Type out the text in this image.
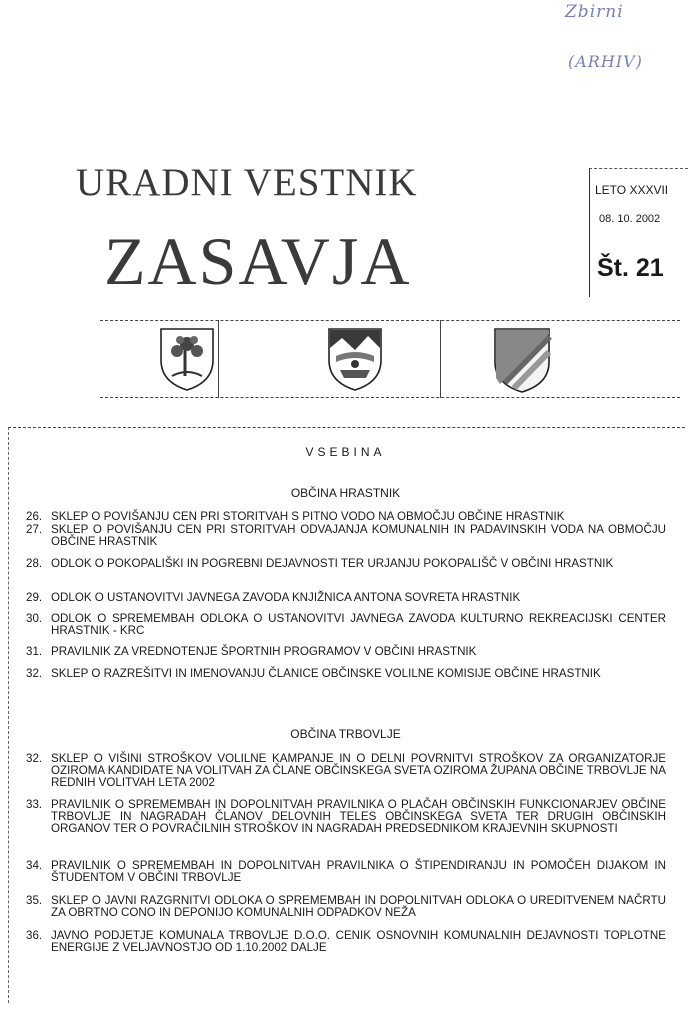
Zbirni
(ARHIV)
URADNI VESTNIK
ZASAVJA
LETO XXXVII
08. 10. 2002
Št. 21
VSEBINA
OBČINA HRASTNIK
26. SKLEP O POVIŠANJU CEN PRI STORITVAH S PITNO VODO NA OBMOČJU OBČINE HRASTNIK
27. SKLEP O POVIŠANJU CEN PRI STORITVAH ODVAJANJA KOMUNALNIH IN PADAVINSKIH VODA NA OBMOČJU OBČINE HRASTNIK
28. ODLOK O POKOPALIŠKI IN POGREBNI DEJAVNOSTI TER URJANJU POKOPALIŠČ V OBČINI HRASTNIK
29. ODLOK O USTANOVITVI JAVNEGA ZAVODA KNJIŽNICA ANTONA SOVRETA HRASTNIK
30. ODLOK O SPREMEMBAH ODLOKA O USTANOVITVI JAVNEGA ZAVODA KULTURNO REKREACIJSKI CENTER HRASTNIK - KRC
31. PRAVILNIK ZA VREDNOTENJE ŠPORTNIH PROGRAMOV V OBČINI HRASTNIK
32. SKLEP O RAZREŠITVI IN IMENOVANJU ČLANICE OBČINSKE VOLILNE KOMISIJE OBČINE HRASTNIK
OBČINA TRBOVLJE
32. SKLEP O VIŠINI STROŠKOV VOLILNE KAMPANJE IN O DELNI POVRNITVI STROŠKOV ZA ORGANIZATORJE OZIROMA KANDIDATE NA VOLITVAH ZA ČLANE OBČINSKEGA SVETA OZIROMA ŽUPANA OBČINE TRBOVLJE NA REDNIH VOLITVAH LETA 2002
33. PRAVILNIK O SPREMEMBAH IN DOPOLNITVAH PRAVILNIKA O PLAČAH OBČINSKIH FUNKCIONARJEV OBČINE TRBOVLJE IN NAGRADAH ČLANOV DELOVNIH TELES OBČINSKEGA SVETA TER DRUGIH OBČINSKIH ORGANOV TER O POVRAČILNIH STROŠKOV IN NAGRADAH PREDSEDNIKOM KRAJEVNIH SKUPNOSTI
34. PRAVILNIK O SPREMEMBAH IN DOPOLNITVAH PRAVILNIKA O ŠTIPENDIRANJU IN POMOČEH DIJAKOM IN ŠTUDENTOM V OBČINI TRBOVLJE
35. SKLEP O JAVNI RAZGRNITVI ODLOKA O SPREMEMBAH IN DOPOLNITVAH ODLOKA O UREDITVENEM NAČRTU ZA OBRTNO CONO IN DEPONIJO KOMUNALNIH ODPADKOV NEŽA
36. JAVNO PODJETJE KOMUNALA TRBOVLJE D.O.O. CENIK OSNOVNIH KOMUNALNIH DEJAVNOSTI TOPLOTNE ENERGIJE Z VELJAVNOSTJO OD 1.10.2002 DALJE
